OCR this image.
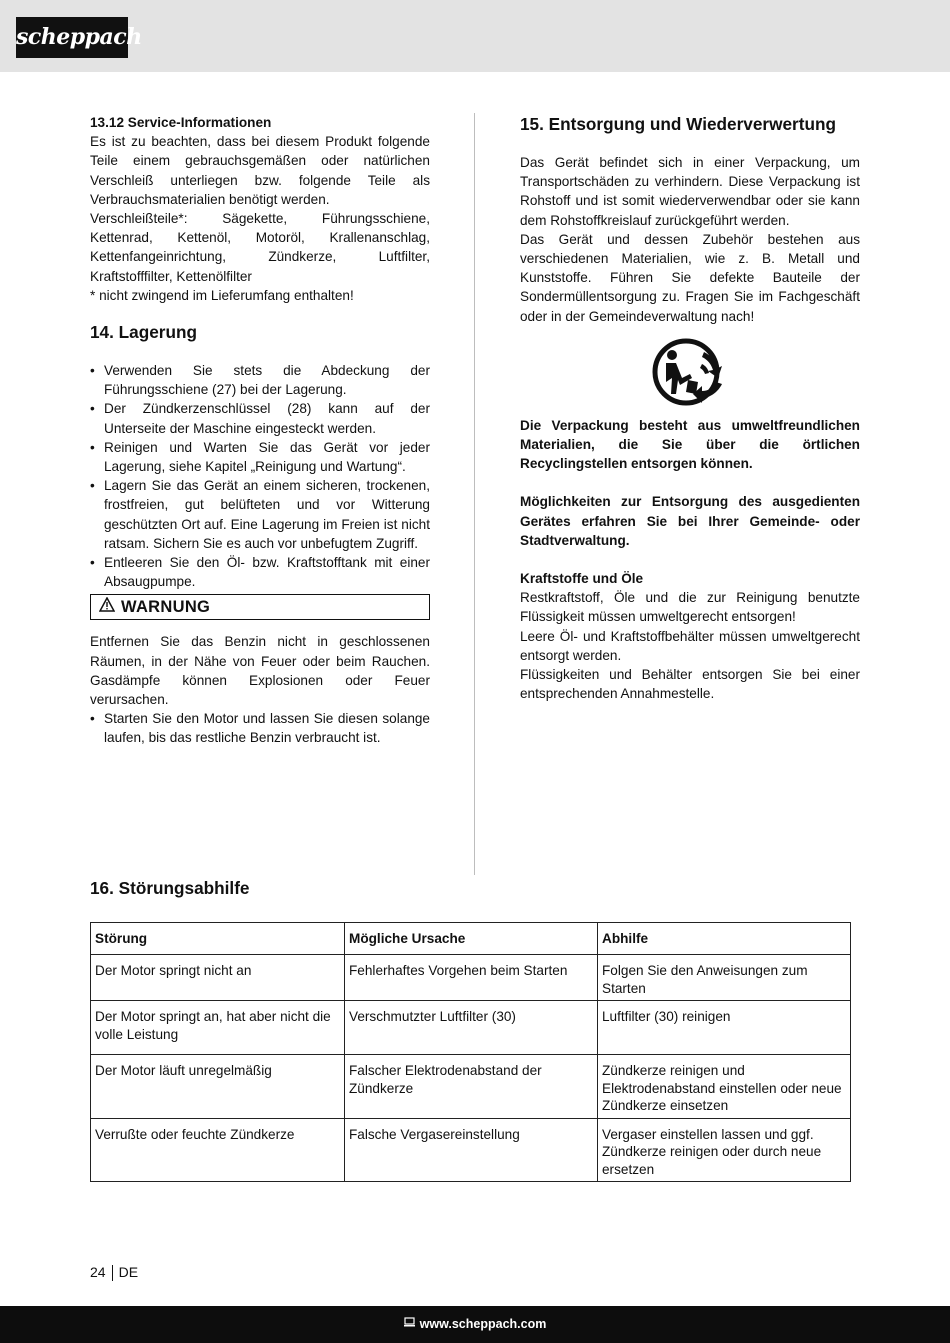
scheppach
13.12 Service-Informationen

Es ist zu beachten, dass bei diesem Produkt folgende Teile einem gebrauchsgemäßen oder natürlichen Verschleiß unterliegen bzw. folgende Teile als Verbrauchsmaterialien benötigt werden.

Verschleißteile*: Sägekette, Führungsschiene, Kettenrad, Kettenöl, Motoröl, Krallenanschlag, Kettenfangeinrichtung, Zündkerze, Luftfilter, Kraftstofffilter, Kettenölfilter

* nicht zwingend im Lieferumfang enthalten!

14. Lagerung
• Verwenden Sie stets die Abdeckung der Führungsschiene (27) bei der Lagerung.
• Der Zündkerzenschlüssel (28) kann auf der Unterseite der Maschine eingesteckt werden.
• Reinigen und Warten Sie das Gerät vor jeder Lagerung, siehe Kapitel „Reinigung und Wartung“.
• Lagern Sie das Gerät an einem sicheren, trockenen, frostfreien, gut belüfteten und vor Witterung geschützten Ort auf. Eine Lagerung im Freien ist nicht ratsam. Sichern Sie es auch vor unbefugtem Zugriff.
• Entleeren Sie den Öl- bzw. Kraftstofftank mit einer Absaugpumpe.
WARNUNG

Entfernen Sie das Benzin nicht in geschlossenen Räumen, in der Nähe von Feuer oder beim Rauchen. Gasdämpfe können Explosionen oder Feuer verursachen.

• Starten Sie den Motor und lassen Sie diesen solange laufen, bis das restliche Benzin verbraucht ist.
15. Entsorgung und Wiederverwertung

Das Gerät befindet sich in einer Verpackung, um Transportschäden zu verhindern. Diese Verpackung ist Rohstoff und ist somit wiederverwendbar oder sie kann dem Rohstoffkreislauf zurückgeführt werden.

Das Gerät und dessen Zubehör bestehen aus verschiedenen Materialien, wie z. B. Metall und Kunststoffe. Führen Sie defekte Bauteile der Sondermüllentsorgung zu. Fragen Sie im Fachgeschäft oder in der Gemeindeverwaltung nach!

Die Verpackung besteht aus umweltfreundlichen Materialien, die Sie über die örtlichen Recyclingstellen entsorgen können.

Möglichkeiten zur Entsorgung des ausgedienten Gerätes erfahren Sie bei Ihrer Gemeinde- oder Stadtverwaltung.

Kraftstoffe und Öle

Restkraftstoff, Öle und die zur Reinigung benutzte Flüssigkeit müssen umweltgerecht entsorgen!

Leere Öl- und Kraftstoffbehälter müssen umweltgerecht entsorgt werden.

Flüssigkeiten und Behälter entsorgen Sie bei einer entsprechenden Annahmestelle.

16. Störungsabhilfe
Störung	Mögliche Ursache	Abhilfe
Der Motor springt nicht an	Fehlerhaftes Vorgehen beim Starten	Folgen Sie den Anweisungen zum Starten
Der Motor springt an, hat aber nicht die volle Leistung	Verschmutzter Luftfilter (30)	Luftfilter (30) reinigen
Der Motor läuft unregelmäßig	Falscher Elektrodenabstand der Zündkerze	Zündkerze reinigen und Elektrodenabstand einstellen oder neue Zündkerze einsetzen
Verrußte oder feuchte Zündkerze	Falsche Vergasereinstellung	Vergaser einstellen lassen und ggf. Zündkerze reinigen oder durch neue ersetzen
24 DE
www.scheppach.com
